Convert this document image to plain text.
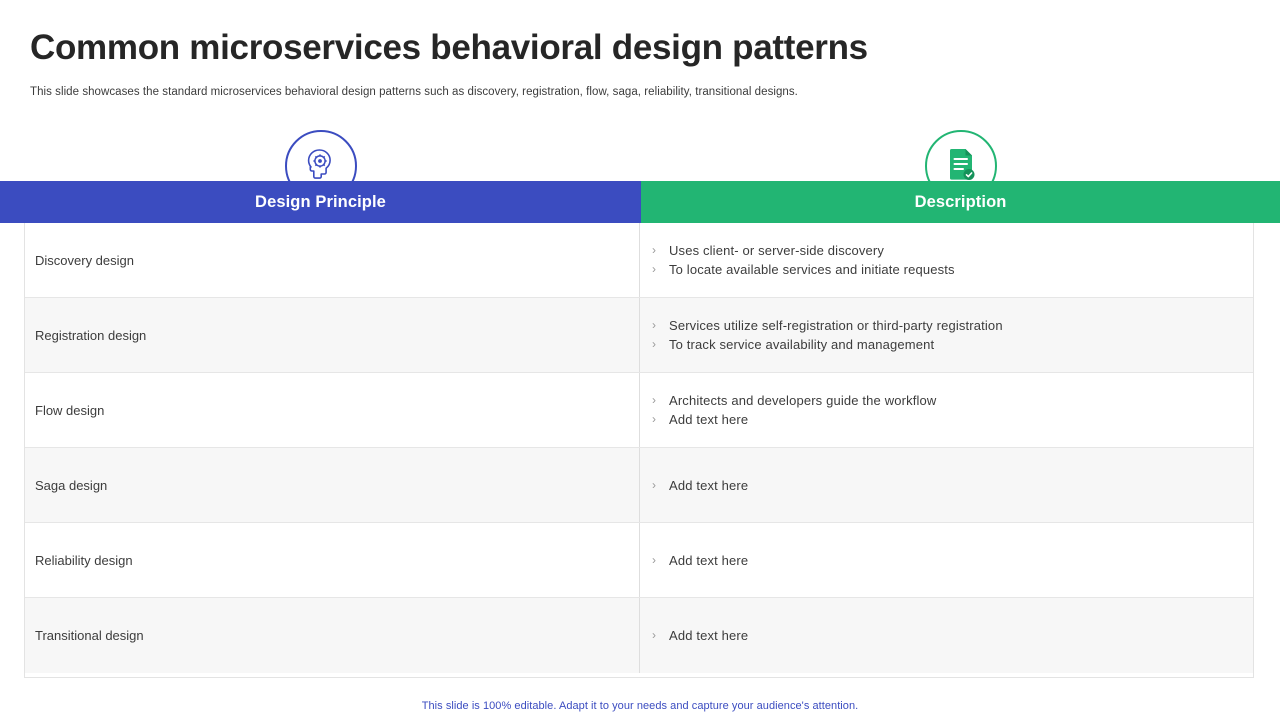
Common microservices behavioral design patterns
This slide showcases the standard microservices behavioral design patterns such as discovery, registration, flow, saga, reliability, transitional designs.
Design Principle	Description
Discovery design
›	Uses client- or server-side discovery
›	To locate available services and initiate requests
Registration design
›	Services utilize self-registration or third-party registration
›	To track service availability and management
Flow design
›	Architects and developers guide the workflow
›	Add text here
Saga design	›	Add text here
Reliability design	›	Add text here
Transitional design	›	Add text here
This slide is 100% editable. Adapt it to your needs and capture your audience's attention.
